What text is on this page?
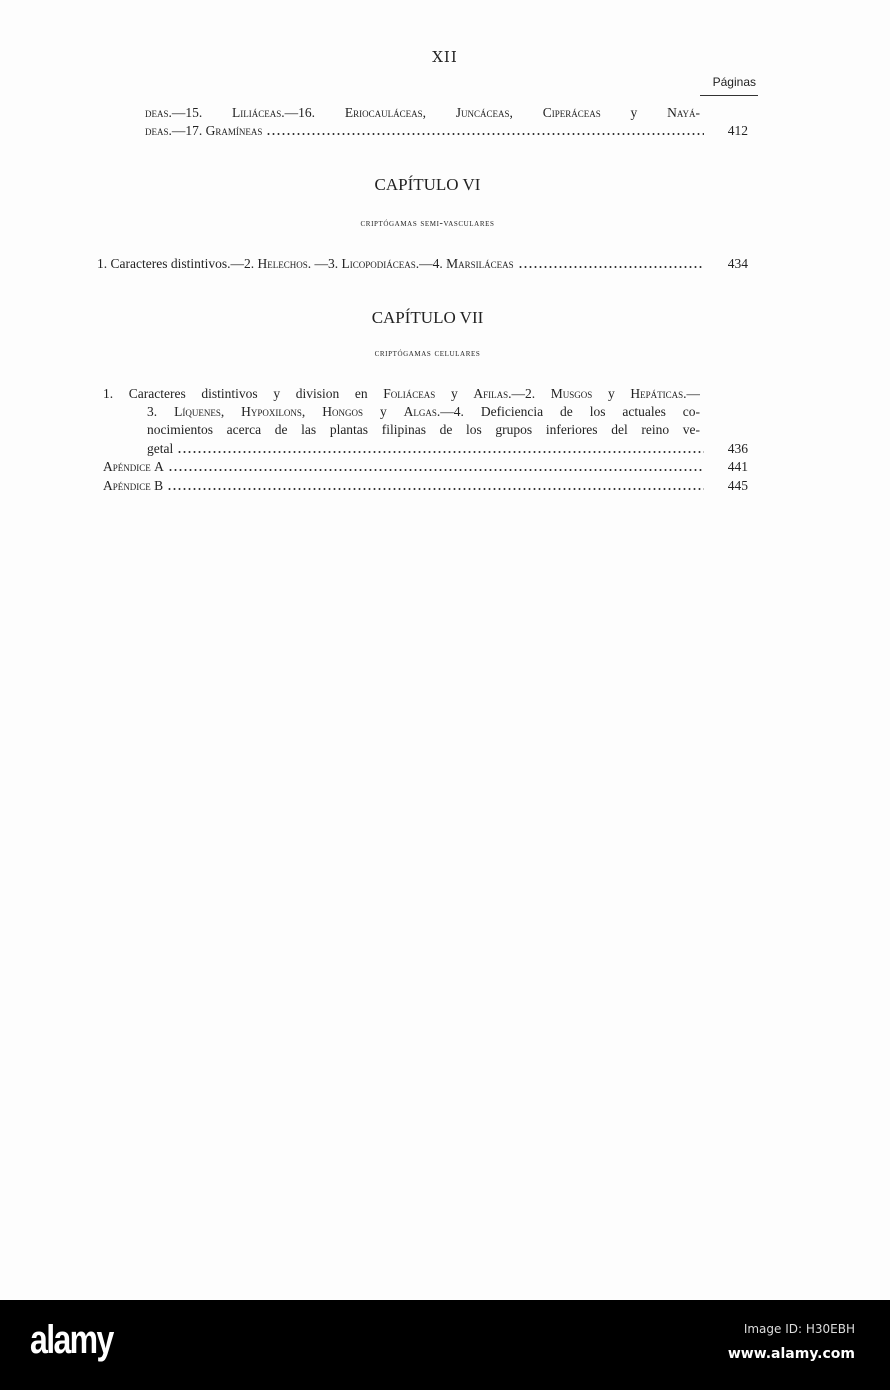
XII
Páginas
deas.—15. Liliáceas.—16. Eriocauláceas, Juncáceas, Ciperáceas y Nayá-
deas.—17. Gramíneas	412
CAPÍTULO VI
criptógamas semi-vasculares
1. Caracteres distintivos.—2. Helechos. —3. Licopodiáceas.—4. Marsiláceas	434
CAPÍTULO VII
criptógamas celulares
1. Caracteres distintivos y division en Foliáceas y Afilas.—2. Musgos y Hepáticas.—
3. Líquenes, Hypoxilons, Hongos y Algas.—4. Deficiencia de los actuales co-
nocimientos acerca de las plantas filipinas de los grupos inferiores del reino ve-
getal	436
Apéndice A	441
Apéndice B	445
alamy	Image ID: H30EBH
www.alamy.com
